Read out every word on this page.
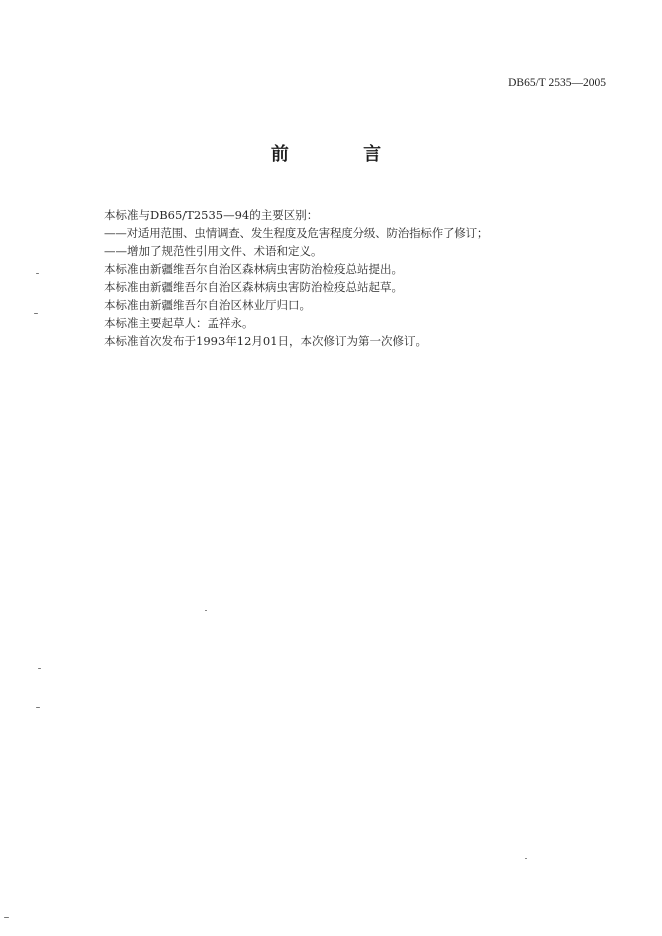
DB65/T 2535—2005
前 言
本标准与DB65/T2535—94的主要区别：
——对适用范围、虫情调查、发生程度及危害程度分级、防治指标作了修订；
——增加了规范性引用文件、术语和定义。
本标准由新疆维吾尔自治区森林病虫害防治检疫总站提出。
本标准由新疆维吾尔自治区森林病虫害防治检疫总站起草。
本标准由新疆维吾尔自治区林业厅归口。
本标准主要起草人：孟祥永。
本标准首次发布于1993年12月01日，本次修订为第一次修订。
